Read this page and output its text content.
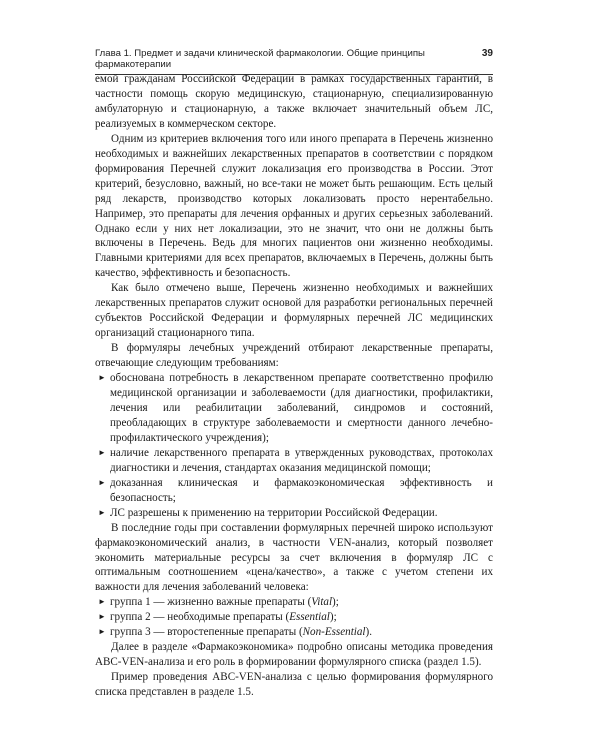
Глава 1. Предмет и задачи клинической фармакологии. Общие принципы фармакотерапии
39

емой гражданам Российской Федерации в рамках государственных гарантий, в частности помощь скорую медицинскую, стационарную, специализированную амбулаторную и стационарную, а также включает значительный объем ЛС, реализуемых в коммерческом секторе.

Одним из критериев включения того или иного препарата в Перечень жизненно необходимых и важнейших лекарственных препаратов в соответствии с порядком формирования Перечней служит локализация его производства в России. Этот критерий, безусловно, важный, но все-таки не может быть решающим. Есть целый ряд лекарств, производство которых локализовать просто нерентабельно. Например, это препараты для лечения орфанных и других серьезных заболеваний. Однако если у них нет локализации, это не значит, что они не должны быть включены в Перечень. Ведь для многих пациентов они жизненно необходимы. Главными критериями для всех препаратов, включаемых в Перечень, должны быть качество, эффективность и безопасность.

Как было отмечено выше, Перечень жизненно необходимых и важнейших лекарственных препаратов служит основой для разработки региональных перечней субъектов Российской Федерации и формулярных перечней ЛС медицинских организаций стационарного типа.

В формуляры лечебных учреждений отбирают лекарственные препараты, отвечающие следующим требованиям:

► обоснована потребность в лекарственном препарате соответственно профилю медицинской организации и заболеваемости (для диагностики, профилактики, лечения или реабилитации заболеваний, синдромов и состояний, преобладающих в структуре заболеваемости и смертности данного лечебно-профилактического учреждения);
► наличие лекарственного препарата в утвержденных руководствах, протоколах диагностики и лечения, стандартах оказания медицинской помощи;
► доказанная клиническая и фармакоэкономическая эффективность и безопасность;
► ЛС разрешены к применению на территории Российской Федерации.

В последние годы при составлении формулярных перечней широко используют фармакоэкономический анализ, в частности VEN-анализ, который позволяет экономить материальные ресурсы за счет включения в формуляр ЛС с оптимальным соотношением «цена/качество», а также с учетом степени их важности для лечения заболеваний человека:

► группа 1 — жизненно важные препараты (Vital);
► группа 2 — необходимые препараты (Essential);
► группа 3 — второстепенные препараты (Non-Essential).

Далее в разделе «Фармакоэкономика» подробно описаны методика проведения ABC-VEN-анализа и его роль в формировании формулярного списка (раздел 1.5).

Пример проведения ABC-VEN-анализа с целью формирования формулярного списка представлен в разделе 1.5.
